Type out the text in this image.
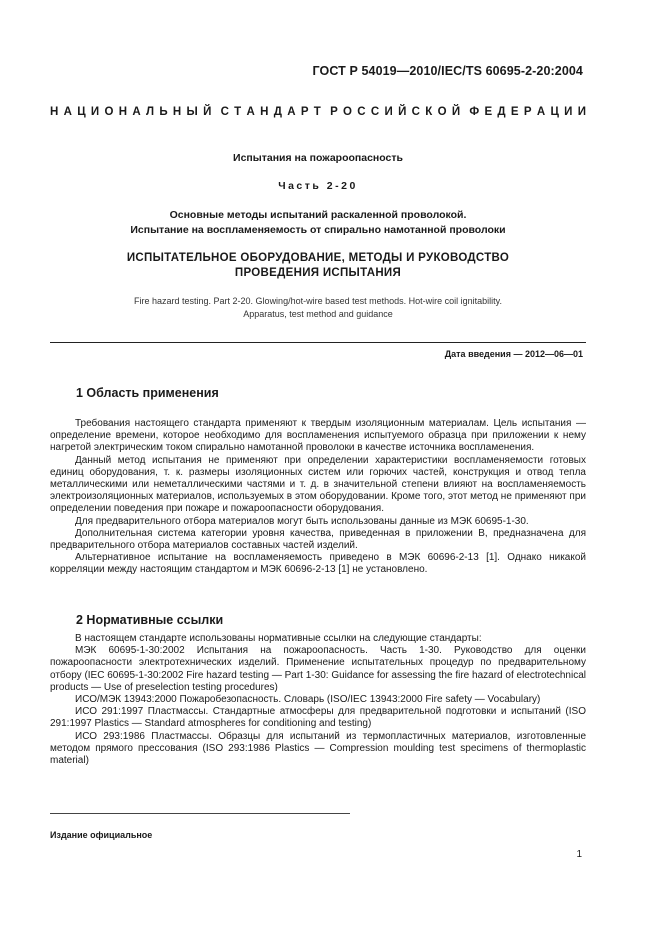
ГОСТ Р 54019—2010/IEC/TS 60695-2-20:2004
Н А Ц И О Н А Л Ь Н Ы Й С Т А Н Д А Р Т Р О С С И Й С К О Й Ф Е Д Е Р А Ц И И
Испытания на пожароопасность
Часть 2-20
Основные методы испытаний раскаленной проволокой.
Испытание на воспламеняемость от спирально намотанной проволоки
ИСПЫТАТЕЛЬНОЕ ОБОРУДОВАНИЕ, МЕТОДЫ И РУКОВОДСТВО
ПРОВЕДЕНИЯ ИСПЫТАНИЯ
Fire hazard testing. Part 2-20. Glowing/hot-wire based test methods. Hot-wire coil ignitability.
Apparatus, test method and guidance
Дата введения — 2012—06—01
1 Область применения

Требования настоящего стандарта применяют к твердым изоляционным материалам. Цель испытания — определение времени, которое необходимо для воспламенения испытуемого образца при приложении к нему нагретой электрическим током спирально намотанной проволоки в качестве источника воспламенения.

Данный метод испытания не применяют при определении характеристики воспламеняемости готовых единиц оборудования, т. к. размеры изоляционных систем или горючих частей, конструкция и отвод тепла металлическими или неметаллическими частями и т. д. в значительной степени влияют на воспламеняемость электроизоляционных материалов, используемых в этом оборудовании. Кроме того, этот метод не применяют при определении поведения при пожаре и пожароопасности оборудования.

Для предварительного отбора материалов могут быть использованы данные из МЭК 60695-1-30.

Дополнительная система категории уровня качества, приведенная в приложении В, предназначена для предварительного отбора материалов составных частей изделий.

Альтернативное испытание на воспламеняемость приведено в МЭК 60696-2-13 [1]. Однако никакой корреляции между настоящим стандартом и МЭК 60696-2-13 [1] не установлено.

2 Нормативные ссылки

В настоящем стандарте использованы нормативные ссылки на следующие стандарты:

МЭК 60695-1-30:2002 Испытания на пожароопасность. Часть 1-30. Руководство для оценки пожароопасности электротехнических изделий. Применение испытательных процедур по предварительному отбору (IEC 60695-1-30:2002 Fire hazard testing — Part 1-30: Guidance for assessing the fire hazard of electrotechnical products — Use of preselection testing procedures)

ИСО/МЭК 13943:2000 Пожаробезопасность. Словарь (ISO/IEC 13943:2000 Fire safety — Vocabulary)

ИСО 291:1997 Пластмассы. Стандартные атмосферы для предварительной подготовки и испытаний (ISO 291:1997 Plastics — Standard atmospheres for conditioning and testing)

ИСО 293:1986 Пластмассы. Образцы для испытаний из термопластичных материалов, изготовленные методом прямого прессования (ISO 293:1986 Plastics — Compression moulding test specimens of thermoplastic material)

Издание официальное
1
